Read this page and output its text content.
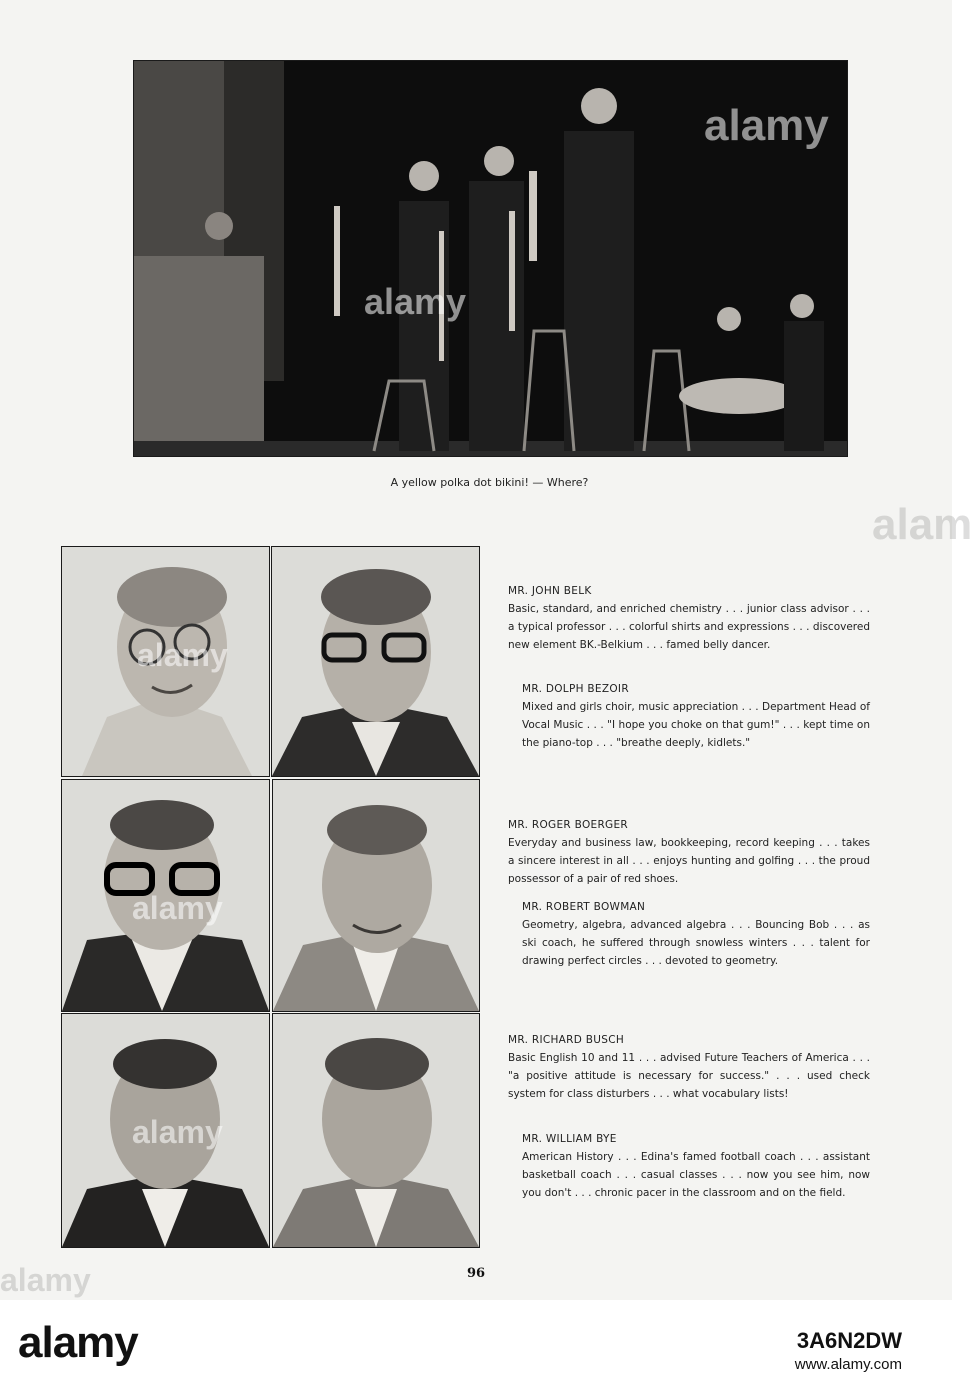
alamy
alamy
A yellow polka dot bikini! — Where?
alamy
alamy
alamy
MR. JOHN BELK
Basic, standard, and enriched chemistry . . . junior class advisor . . . a typical professor . . . colorful shirts and expressions . . . discovered new element BK.-Belkium . . . famed belly dancer.
MR. DOLPH BEZOIR
Mixed and girls choir, music appreciation . . . Department Head of Vocal Music . . . "I hope you choke on that gum!" . . . kept time on the piano-top . . . "breathe deeply, kidlets."
MR. ROGER BOERGER
Everyday and business law, bookkeeping, record keeping . . . takes a sincere interest in all . . . enjoys hunting and golfing . . . the proud possessor of a pair of red shoes.
MR. ROBERT BOWMAN
Geometry, algebra, advanced algebra . . . Bouncing Bob . . . as ski coach, he suffered through snowless winters . . . talent for drawing perfect circles . . . devoted to geometry.
MR. RICHARD BUSCH
Basic English 10 and 11 . . . advised Future Teachers of America . . . "a positive attitude is necessary for success." . . . used check system for class disturbers . . . what vocabulary lists!
MR. WILLIAM BYE
American History . . . Edina's famed football coach . . . assistant basketball coach . . . casual classes . . . now you see him, now you don't . . . chronic pacer in the classroom and on the field.
alam
alamy	96
alamy	3A6N2DW
www.alamy.com
